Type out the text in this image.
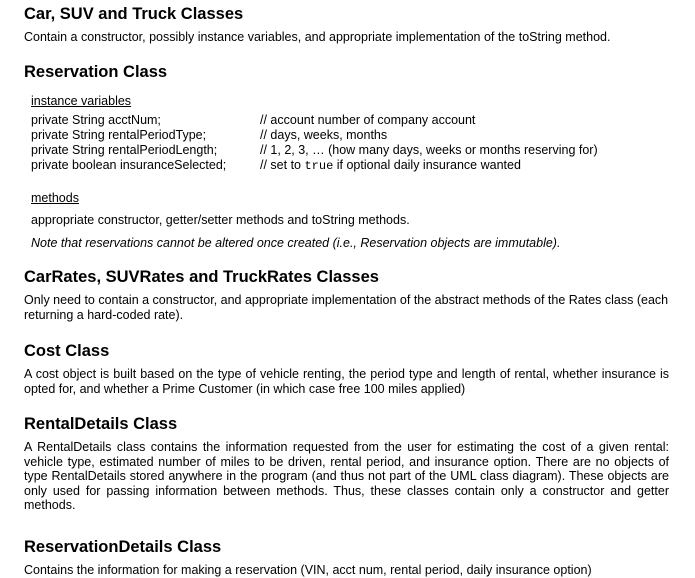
Car, SUV and Truck Classes
Contain a constructor, possibly instance variables, and appropriate implementation of the toString method.
Reservation Class
instance variables
private String acctNum;	// account number of company account
private String rentalPeriodType;	// days, weeks, months
private String rentalPeriodLength;	// 1, 2, 3, … (how many days, weeks or months reserving for)
private boolean insuranceSelected;	// set to true if optional daily insurance wanted
methods
appropriate constructor, getter/setter methods and toString methods.
Note that reservations cannot be altered once created (i.e., Reservation objects are immutable).
CarRates, SUVRates and TruckRates Classes
Only need to contain a constructor, and appropriate implementation of the abstract methods of the Rates class (each returning a hard-coded rate).
Cost Class
A cost object is built based on the type of vehicle renting, the period type and length of rental, whether insurance is opted for, and whether a Prime Customer (in which case free 100 miles applied)
RentalDetails Class
A RentalDetails class contains the information requested from the user for estimating the cost of a given rental: vehicle type, estimated number of miles to be driven, rental period, and insurance option. There are no objects of type RentalDetails stored anywhere in the program (and thus not part of the UML class diagram). These objects are only used for passing information between methods. Thus, these classes contain only a constructor and getter methods.
ReservationDetails Class
Contains the information for making a reservation (VIN, acct num, rental period, daily insurance option)
